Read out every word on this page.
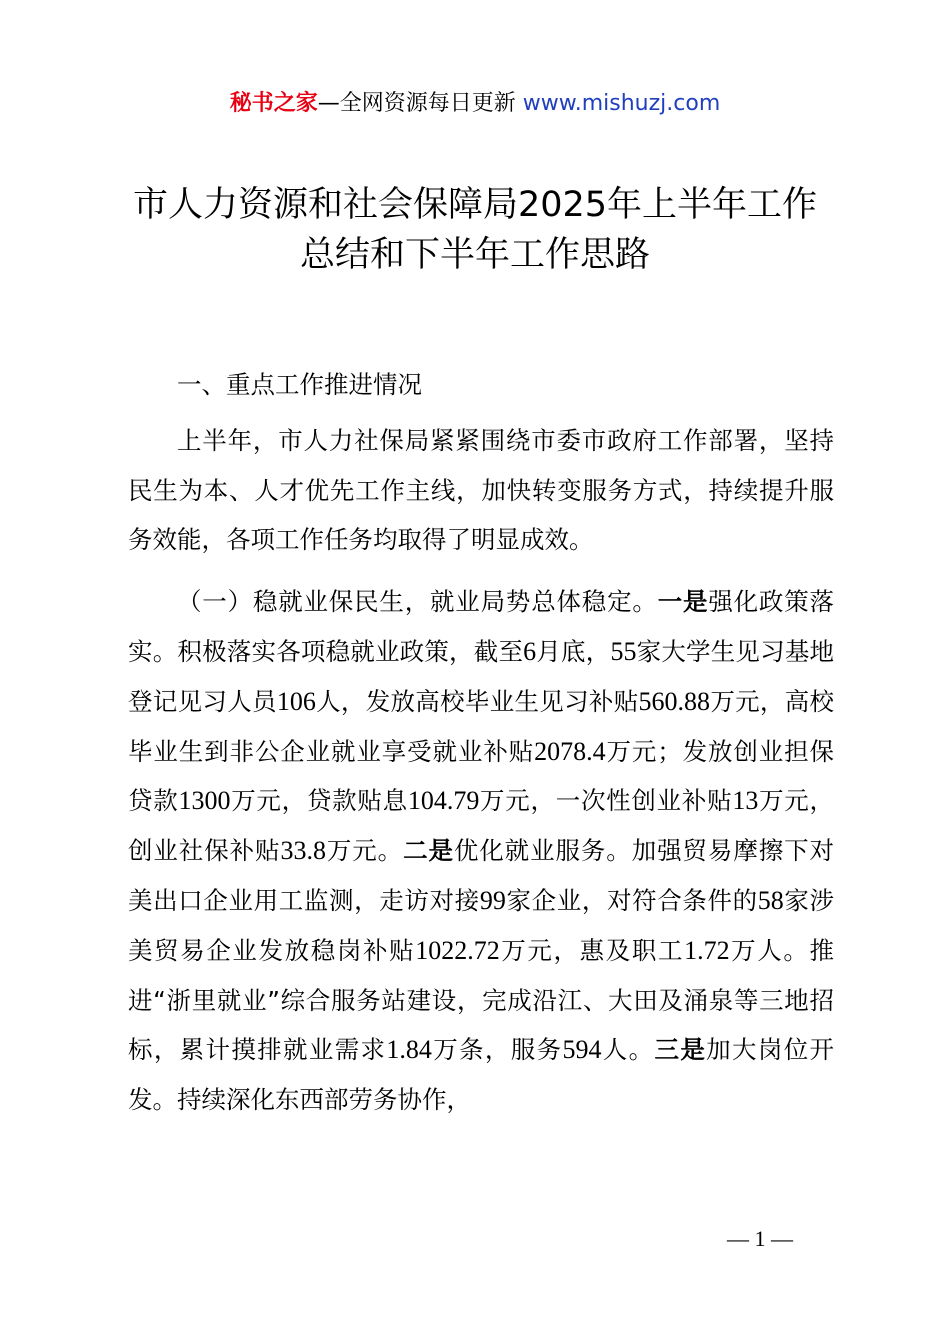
秘书之家—全网资源每日更新 www.mishuzj.com
市人力资源和社会保障局2025年上半年工作
总结和下半年工作思路

一、重点工作推进情况

上半年，市人力社保局紧紧围绕市委市政府工作部署，坚持民生为本、人才优先工作主线，加快转变服务方式，持续提升服务效能，各项工作任务均取得了明显成效。

（一）稳就业保民生，就业局势总体稳定。一是强化政策落实。积极落实各项稳就业政策，截至6月底，55家大学生见习基地登记见习人员106人，发放高校毕业生见习补贴560.88万元，高校毕业生到非公企业就业享受就业补贴2078.4万元；发放创业担保贷款1300万元，贷款贴息104.79万元，一次性创业补贴13万元，创业社保补贴33.8万元。二是优化就业服务。加强贸易摩擦下对美出口企业用工监测，走访对接99家企业，对符合条件的58家涉美贸易企业发放稳岗补贴1022.72万元，惠及职工1.72万人。推进“浙里就业”综合服务站建设，完成沿江、大田及涌泉等三地招标，累计摸排就业需求1.84万条，服务594人。三是加大岗位开发。持续深化东西部劳务协作，

— 1 —
